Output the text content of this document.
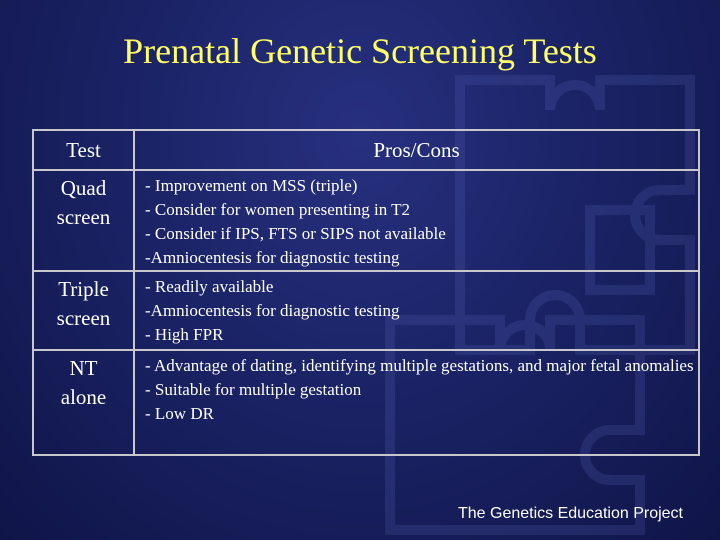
Prenatal Genetic Screening Tests
Test	Pros/Cons

Quad
screen	- Improvement on MSS (triple)
- Consider for women presenting in T2
- Consider if IPS, FTS or SIPS not available
-Amniocentesis for diagnostic testing

Triple
screen	- Readily available
-Amniocentesis for diagnostic testing
- High FPR

NT
alone	- Advantage of dating, identifying multiple gestations, and major fetal anomalies
- Suitable for multiple gestation
- Low DR
The Genetics Education Project
